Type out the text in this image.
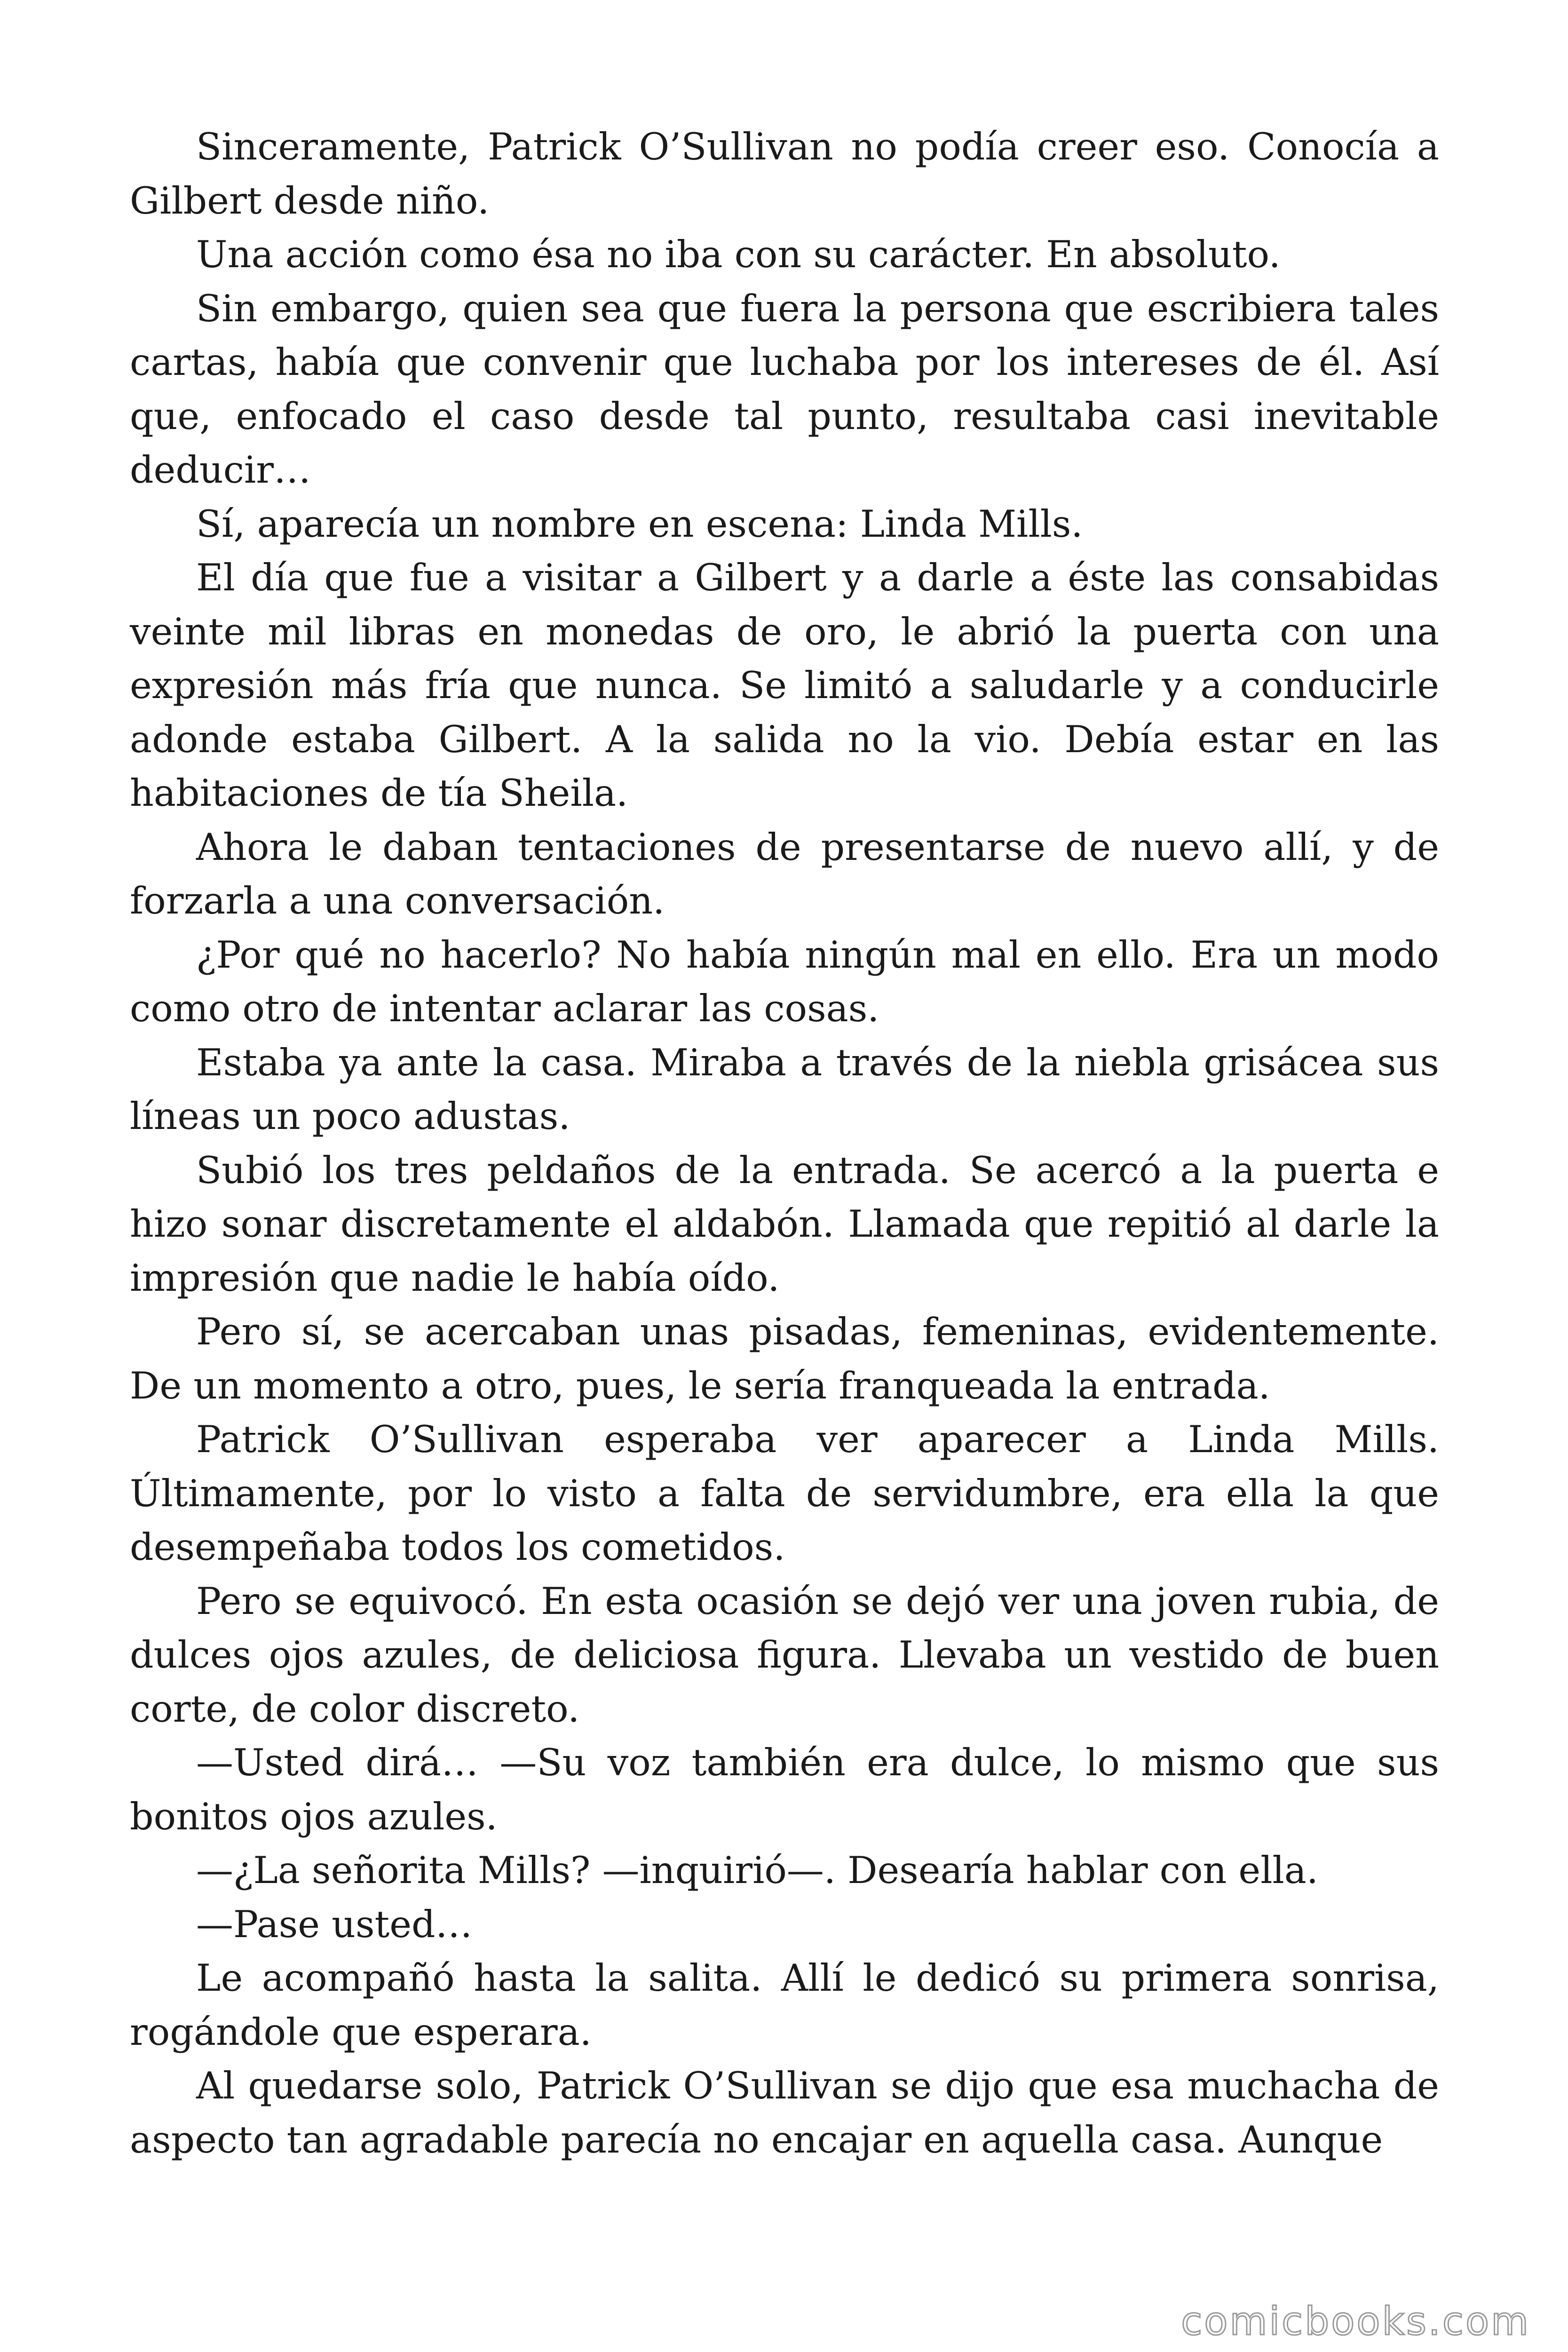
Sinceramente, Patrick O’Sullivan no podía creer eso. Conocía a Gilbert desde niño.

Una acción como ésa no iba con su carácter. En absoluto.

Sin embargo, quien sea que fuera la persona que escribiera tales cartas, había que convenir que luchaba por los intereses de él. Así que, enfocado el caso desde tal punto, resultaba casi inevitable deducir…

Sí, aparecía un nombre en escena: Linda Mills.

El día que fue a visitar a Gilbert y a darle a éste las consabidas veinte mil libras en monedas de oro, le abrió la puerta con una expresión más fría que nunca. Se limitó a saludarle y a conducirle adonde estaba Gilbert. A la salida no la vio. Debía estar en las habitaciones de tía Sheila.

Ahora le daban tentaciones de presentarse de nuevo allí, y de forzarla a una conversación.

¿Por qué no hacerlo? No había ningún mal en ello. Era un modo como otro de intentar aclarar las cosas.

Estaba ya ante la casa. Miraba a través de la niebla grisácea sus líneas un poco adustas.

Subió los tres peldaños de la entrada. Se acercó a la puerta e hizo sonar discretamente el aldabón. Llamada que repitió al darle la impresión que nadie le había oído.

Pero sí, se acercaban unas pisadas, femeninas, evidentemente. De un momento a otro, pues, le sería franqueada la entrada.

Patrick O’Sullivan esperaba ver aparecer a Linda Mills. Últimamente, por lo visto a falta de servidumbre, era ella la que desempeñaba todos los cometidos.

Pero se equivocó. En esta ocasión se dejó ver una joven rubia, de dulces ojos azules, de deliciosa figura. Llevaba un vestido de buen corte, de color discreto.

—Usted dirá… —Su voz también era dulce, lo mismo que sus bonitos ojos azules.

—¿La señorita Mills? —inquirió—. Desearía hablar con ella.

—Pase usted…

Le acompañó hasta la salita. Allí le dedicó su primera sonrisa, rogándole que esperara.

Al quedarse solo, Patrick O’Sullivan se dijo que esa muchacha de aspecto tan agradable parecía no encajar en aquella casa. Aunque

comicbooks.com
